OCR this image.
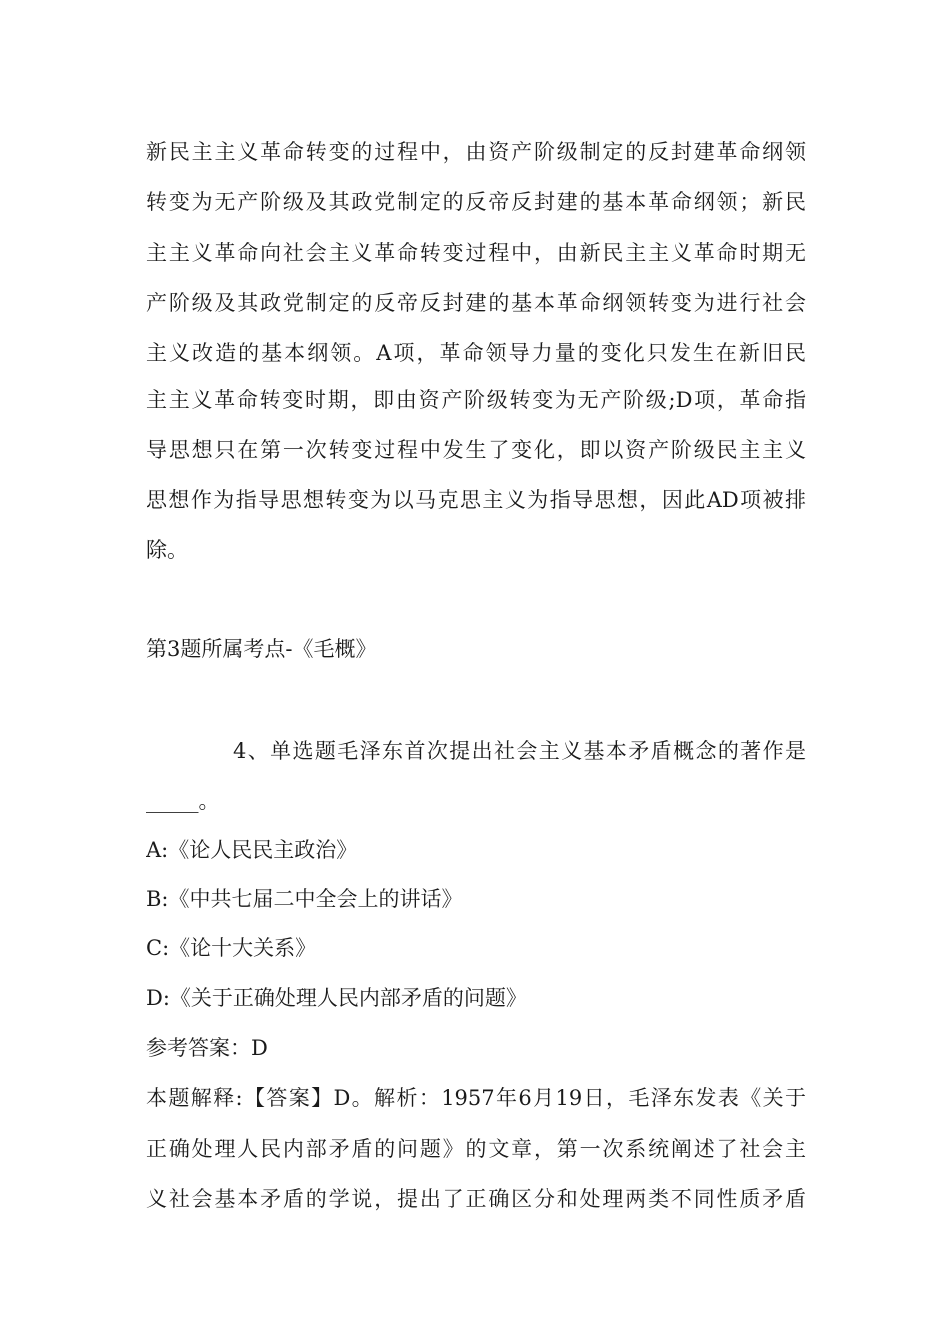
新民主主义革命转变的过程中，由资产阶级制定的反封建革命纲领
转变为无产阶级及其政党制定的反帝反封建的基本革命纲领；新民
主主义革命向社会主义革命转变过程中，由新民主主义革命时期无
产阶级及其政党制定的反帝反封建的基本革命纲领转变为进行社会
主义改造的基本纲领。A项，革命领导力量的变化只发生在新旧民
主主义革命转变时期，即由资产阶级转变为无产阶级;D项，革命指
导思想只在第一次转变过程中发生了变化，即以资产阶级民主主义
思想作为指导思想转变为以马克思主义为指导思想，因此AD项被排
除。
第3题所属考点-《毛概》
4、单选题毛泽东首次提出社会主义基本矛盾概念的著作是
_____。
A:《论人民民主政治》
B:《中共七届二中全会上的讲话》
C:《论十大关系》
D:《关于正确处理人民内部矛盾的问题》
参考答案：D
本题解释:【答案】D。解析：1957年6月19日，毛泽东发表《关于
正确处理人民内部矛盾的问题》的文章，第一次系统阐述了社会主
义社会基本矛盾的学说，提出了正确区分和处理两类不同性质矛盾
